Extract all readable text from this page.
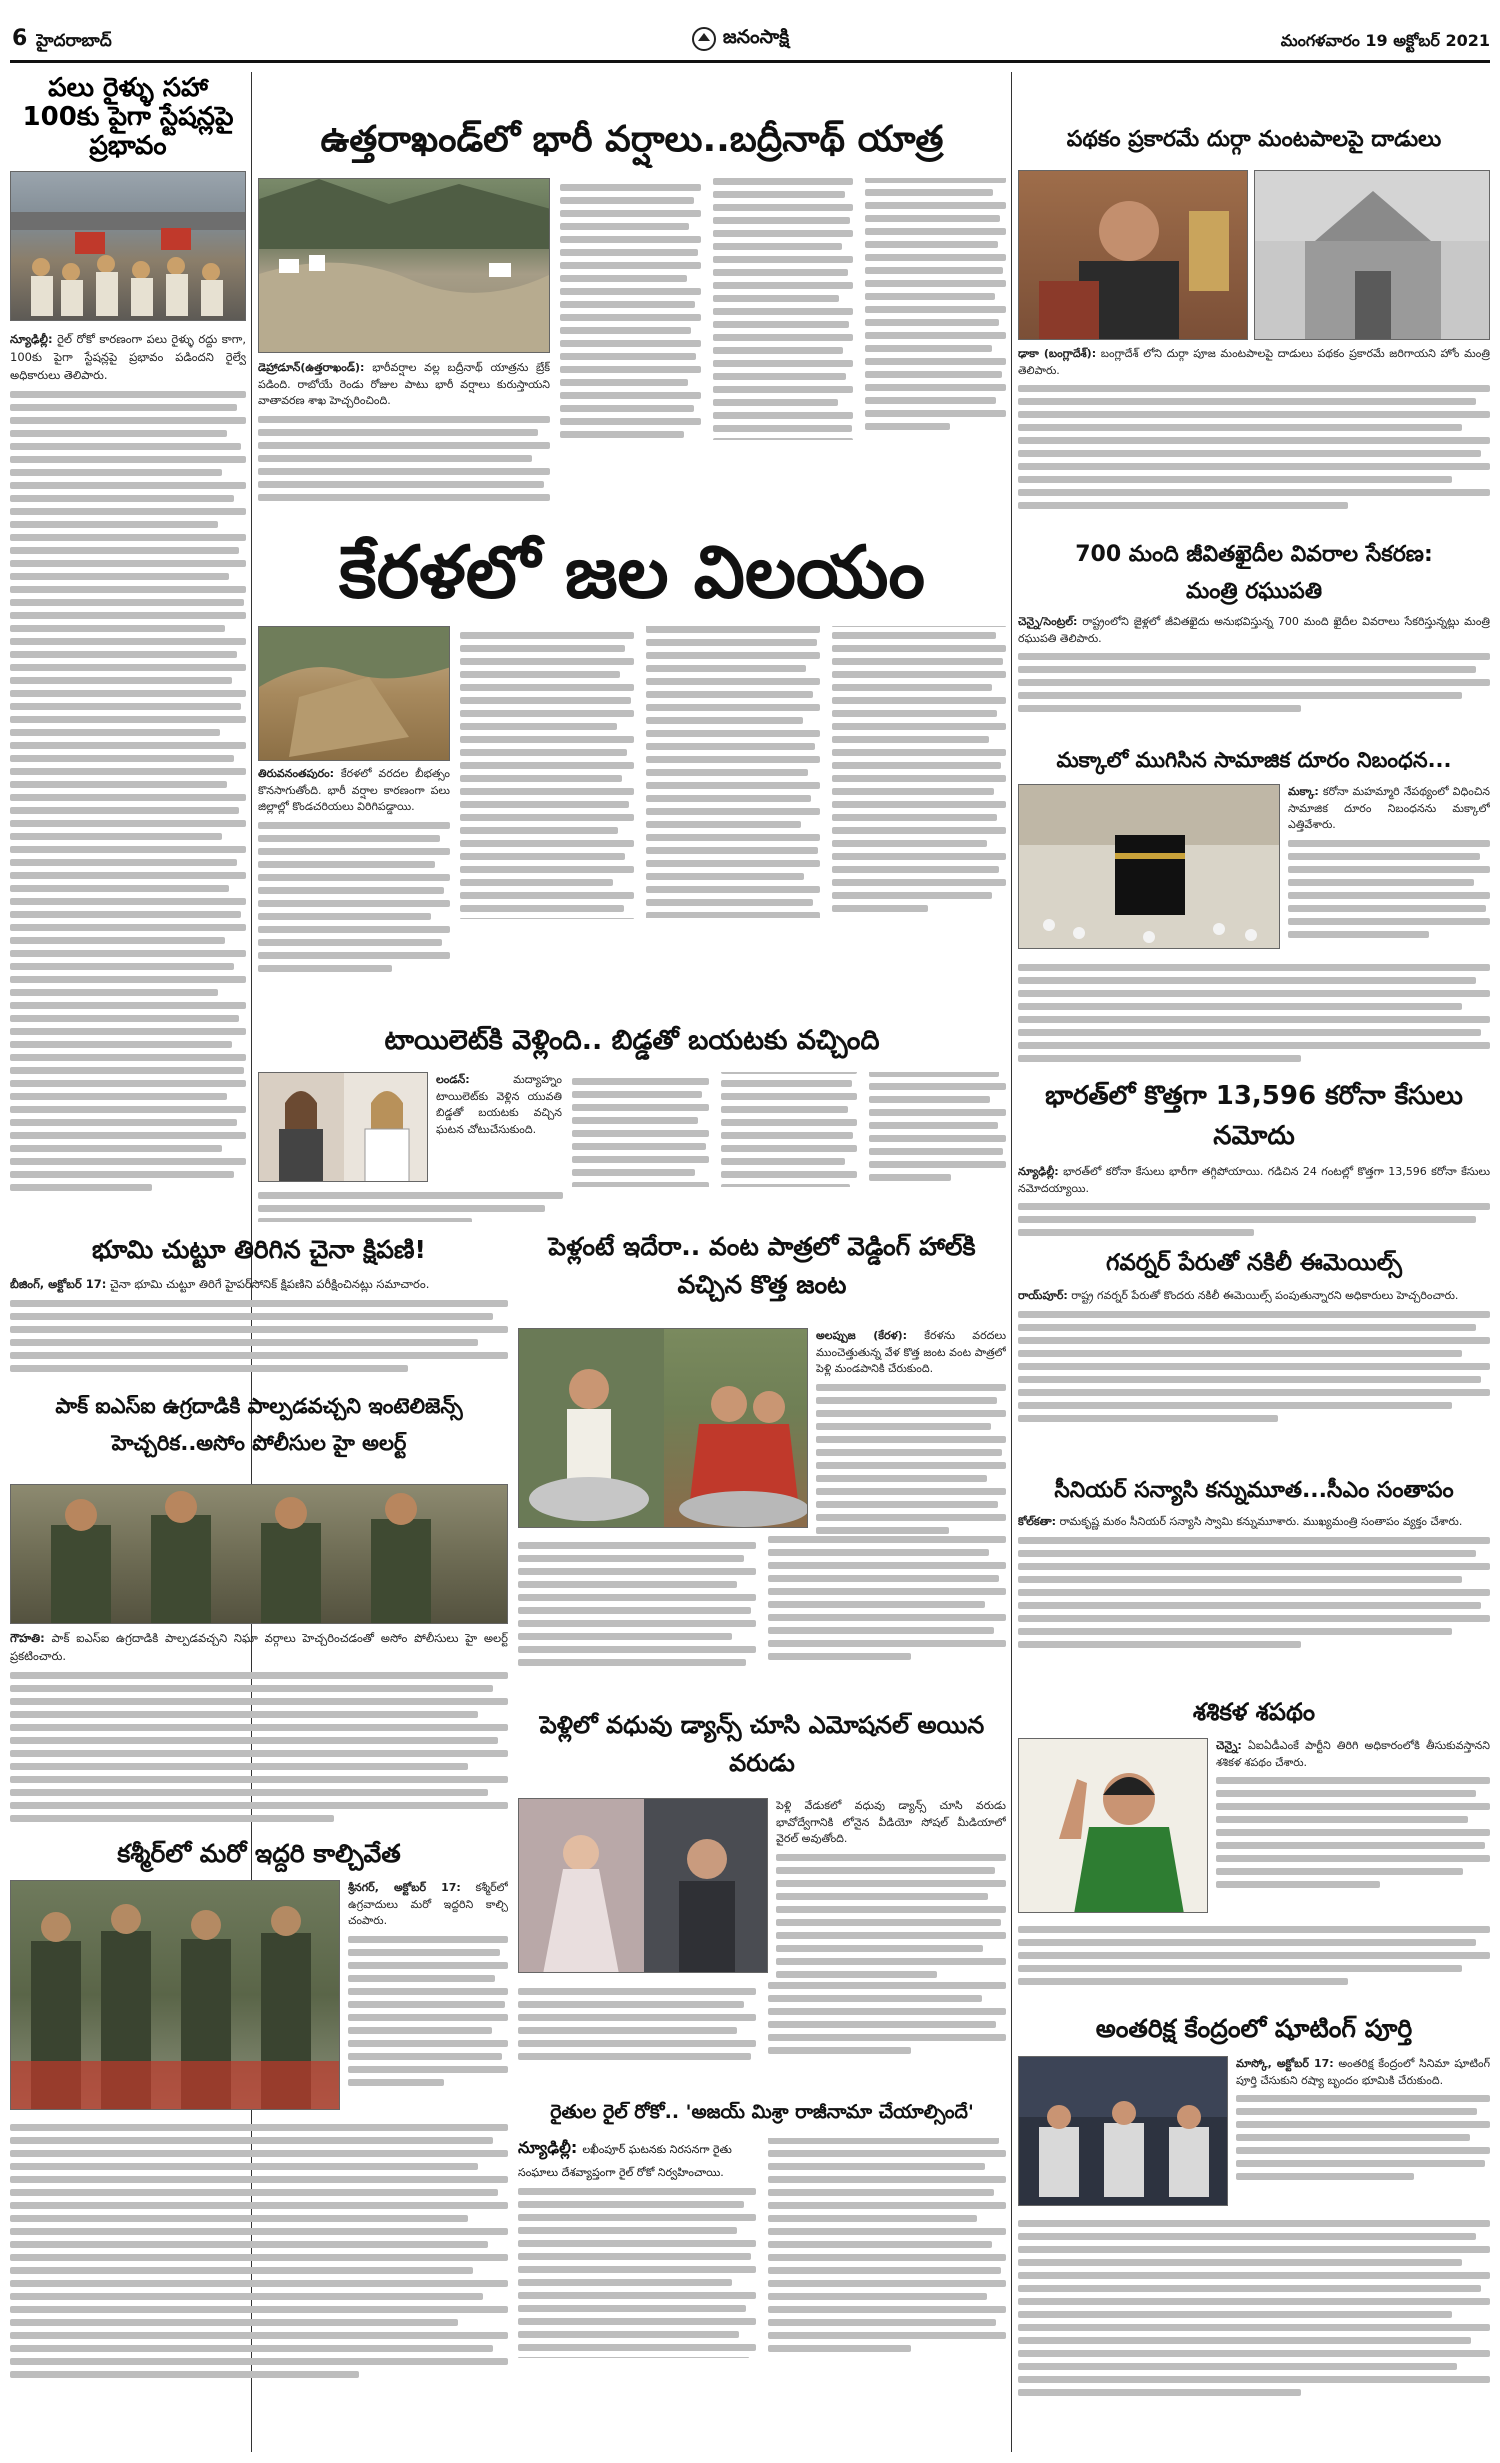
6 హైదరాబాద్	జనంసాక్షి	మంగళవారం 19 అక్టోబర్ 2021
పలు రైళ్ళు సహా 100కు పైగా స్టేషన్లపై ప్రభావం
న్యూఢిల్లీ: రైల్ రోకో కారణంగా పలు రైళ్ళు రద్దు కాగా, 100కు పైగా స్టేషన్లపై ప్రభావం పడిందని రైల్వే అధికారులు తెలిపారు.
ఉత్తరాఖండ్‌లో భారీ వర్షాలు..బద్రీనాథ్ యాత్ర
డెహ్రాడూన్(ఉత్తరాఖండ్): భారీవర్షాల వల్ల బద్రీనాథ్ యాత్రను బ్రేక్ పడింది. రాబోయే రెండు రోజుల పాటు భారీ వర్షాలు కురుస్తాయని వాతావరణ శాఖ హెచ్చరించింది.
కేరళలో జల విలయం
తిరువనంతపురం: కేరళలో వరదల బీభత్సం కొనసాగుతోంది. భారీ వర్షాల కారణంగా పలు జిల్లాల్లో కొండచరియలు విరిగిపడ్డాయి.
టాయిలెట్‌కి వెళ్లింది.. బిడ్డతో బయటకు వచ్చింది
లండన్:	మద్యాహ్నం టాయిలెట్‌కు వెళ్లిన యువతి బిడ్డతో బయటకు వచ్చిన ఘటన చోటుచేసుకుంది.
భూమి చుట్టూ తిరిగిన చైనా క్షిపణి!
బీజింగ్, అక్టోబర్ 17: చైనా భూమి చుట్టూ తిరిగే హైపర్‌సోనిక్ క్షిపణిని పరీక్షించినట్లు సమాచారం.
పెళ్లంటే ఇదేరా.. వంట పాత్రలో వెడ్డింగ్ హాల్‌కి వచ్చిన కొత్త జంట
అలప్పుజ (కేరళ): కేరళను వరదలు ముంచెత్తుతున్న వేళ కొత్త జంట వంట పాత్రలో పెళ్లి మండపానికి చేరుకుంది.
పాక్ ఐఎస్ఐ ఉగ్రదాడికి పాల్పడవచ్చని ఇంటెలిజెన్స్ హెచ్చరిక..అసోం పోలీసుల హై అలర్ట్
గౌహతి: పాక్ ఐఎస్ఐ ఉగ్రదాడికి పాల్పడవచ్చని నిఘా వర్గాలు హెచ్చరించడంతో అసోం పోలీసులు హై అలర్ట్ ప్రకటించారు.
కశ్మీర్‌లో మరో ఇద్దరి కాల్చివేత
శ్రీనగర్, అక్టోబర్ 17: కశ్మీర్‌లో ఉగ్రవాదులు మరో ఇద్దరిని కాల్చి చంపారు.
పెళ్లిలో వధువు డ్యాన్స్ చూసి ఎమోషనల్ అయిన వరుడు
పెళ్లి వేడుకలో వధువు డ్యాన్స్ చూసి వరుడు భావోద్వేగానికి లోనైన వీడియో సోషల్ మీడియాలో వైరల్ అవుతోంది.
రైతుల రైల్ రోకో.. 'అజయ్ మిశ్రా రాజీనామా చేయాల్సిందే'
న్యూఢిల్లీ: లఖీంపూర్ ఘటనకు నిరసనగా రైతు సంఘాలు దేశవ్యాప్తంగా రైల్ రోకో నిర్వహించాయి.
పథకం ప్రకారమే దుర్గా మంటపాలపై దాడులు
ఢాకా (బంగ్లాదేశ్): బంగ్లాదేశ్ లోని దుర్గా పూజ మంటపాలపై దాడులు పథకం ప్రకారమే జరిగాయని హోం మంత్రి తెలిపారు.
700 మంది జీవితఖైదీల వివరాల సేకరణ:
మంత్రి రఘుపతి
చెన్నై/సెంట్రల్: రాష్ట్రంలోని జైళ్లలో జీవితఖైదు అనుభవిస్తున్న 700 మంది ఖైదీల వివరాలు సేకరిస్తున్నట్లు మంత్రి రఘుపతి తెలిపారు.
మక్కాలో ముగిసిన సామాజిక దూరం నిబంధన...
మక్కా: కరోనా మహమ్మారి నేపథ్యంలో విధించిన సామాజిక దూరం నిబంధనను మక్కాలో ఎత్తివేశారు.
భారత్‌లో కొత్తగా 13,596 కరోనా కేసులు నమోదు
న్యూఢిల్లీ: భారత్‌లో కరోనా కేసులు భారీగా తగ్గిపోయాయి. గడిచిన 24 గంటల్లో కొత్తగా 13,596 కరోనా కేసులు నమోదయ్యాయి.
గవర్నర్ పేరుతో నకిలీ ఈమెయిల్స్
రాయ్‌పూర్: రాష్ట్ర గవర్నర్ పేరుతో కొందరు నకిలీ ఈమెయిల్స్ పంపుతున్నారని అధికారులు హెచ్చరించారు.
సీనియర్ సన్యాసి కన్నుమూత...సీఎం సంతాపం
కోల్‌కతా: రామకృష్ణ మఠం సీనియర్ సన్యాసి స్వామి కన్నుమూశారు. ముఖ్యమంత్రి సంతాపం వ్యక్తం చేశారు.
శశికళ శపథం
చెన్నై: ఏఐఏడీఎంకే పార్టీని తిరిగి అధికారంలోకి తీసుకువస్తానని శశికళ శపథం చేశారు.
అంతరిక్ష కేంద్రంలో షూటింగ్ పూర్తి
మాస్కో, అక్టోబర్ 17: అంతరిక్ష కేంద్రంలో సినిమా షూటింగ్ పూర్తి చేసుకుని రష్యా బృందం భూమికి చేరుకుంది.
